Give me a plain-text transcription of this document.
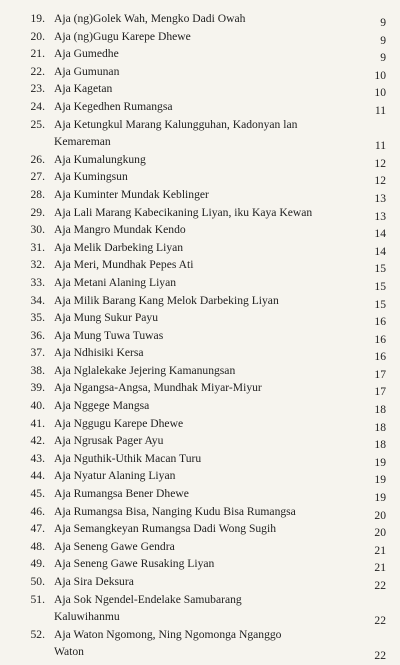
19. Aja (ng)Golek Wah, Mengko Dadi Owah	9
20. Aja (ng)Gugu Karepe Dhewe	9
21. Aja Gumedhe	9
22. Aja Gumunan	10
23. Aja Kagetan	10
24. Aja Kegedhen Rumangsa	11
25. Aja Ketungkul Marang Kalungguhan, Kadonyan lan
Kemareman	11
26. Aja Kumalungkung	12
27. Aja Kumingsun	12
28. Aja Kuminter Mundak Keblinger	13
29. Aja Lali Marang Kabecikaning Liyan, iku Kaya Kewan	13
30. Aja Mangro Mundak Kendo	14
31. Aja Melik Darbeking Liyan	14
32. Aja Meri, Mundhak Pepes Ati	15
33. Aja Metani Alaning Liyan	15
34. Aja Milik Barang Kang Melok Darbeking Liyan	15
35. Aja Mung Sukur Payu	16
36. Aja Mung Tuwa Tuwas	16
37. Aja Ndhisiki Kersa	16
38. Aja Nglalekake Jejering Kamanungsan	17
39. Aja Ngangsa-Angsa, Mundhak Miyar-Miyur	17
40. Aja Nggege Mangsa	18
41. Aja Nggugu Karepe Dhewe	18
42. Aja Ngrusak Pager Ayu	18
43. Aja Nguthik-Uthik Macan Turu	19
44. Aja Nyatur Alaning Liyan	19
45. Aja Rumangsa Bener Dhewe	19
46. Aja Rumangsa Bisa, Nanging Kudu Bisa Rumangsa	20
47. Aja Semangkeyan Rumangsa Dadi Wong Sugih	20
48. Aja Seneng Gawe Gendra	21
49. Aja Seneng Gawe Rusaking Liyan	21
50. Aja Sira Deksura	22
51. Aja Sok Ngendel-Endelake Samubarang
Kaluwihanmu	22
52. Aja Waton Ngomong, Ning Ngomonga Nganggo
Waton	22
